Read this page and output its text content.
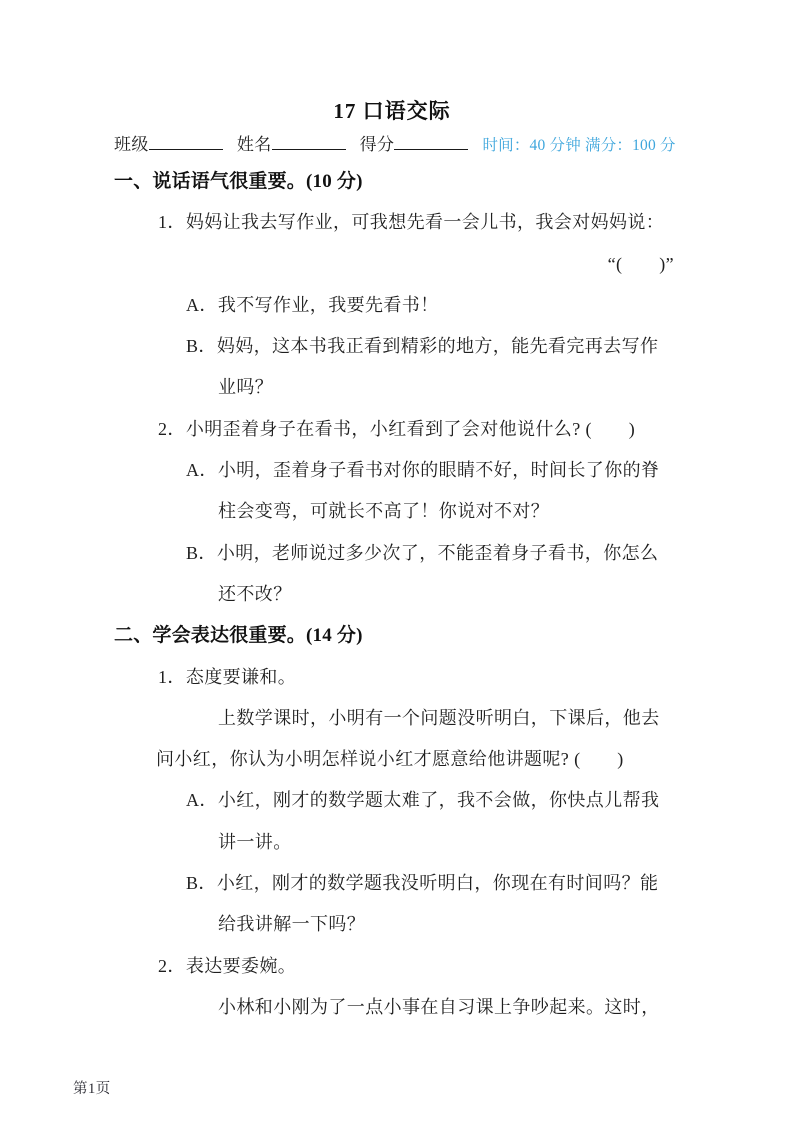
17 口语交际
班级	姓名	得分	时间：40 分钟 满分：100 分
一、说话语气很重要。(10 分)

1．妈妈让我去写作业，可我想先看一会儿书，我会对妈妈说：

“(　　)”

A．我不写作业，我要先看书！

B．妈妈，这本书我正看到精彩的地方，能先看完再去写作业吗？

2．小明歪着身子在看书，小红看到了会对他说什么? (　　)

A．小明，歪着身子看书对你的眼睛不好，时间长了你的脊柱会变弯，可就长不高了！你说对不对？

B．小明，老师说过多少次了，不能歪着身子看书，你怎么还不改？

二、学会表达很重要。(14 分)

1．态度要谦和。

上数学课时，小明有一个问题没听明白，下课后，他去问小红，你认为小明怎样说小红才愿意给他讲题呢? (　　)

A．小红，刚才的数学题太难了，我不会做，你快点儿帮我讲一讲。

B．小红，刚才的数学题我没听明白，你现在有时间吗？能给我讲解一下吗？

2．表达要委婉。

小林和小刚为了一点小事在自习课上争吵起来。这时，

第1页
